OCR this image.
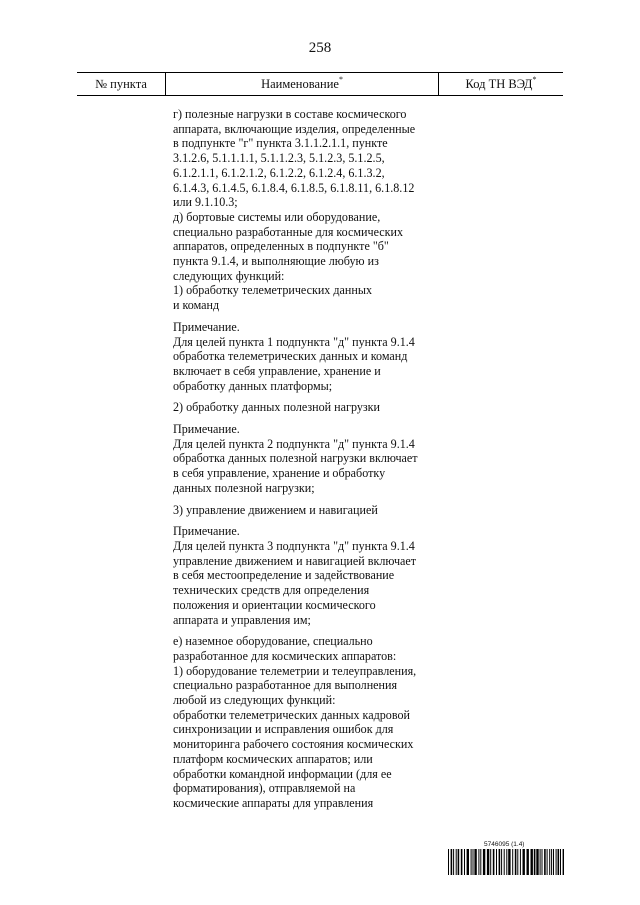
258
№ пункта	Наименование*	Код ТН ВЭД*
г) полезные нагрузки в составе космического
аппарата, включающие изделия, определенные
в подпункте "г" пункта 3.1.1.2.1.1, пункте
3.1.2.6, 5.1.1.1.1, 5.1.1.2.3, 5.1.2.3, 5.1.2.5,
6.1.2.1.1, 6.1.2.1.2, 6.1.2.2, 6.1.2.4, 6.1.3.2,
6.1.4.3, 6.1.4.5, 6.1.8.4, 6.1.8.5, 6.1.8.11, 6.1.8.12
или 9.1.10.3;
д) бортовые системы или оборудование,
специально разработанные для космических
аппаратов, определенных в подпункте "б"
пункта 9.1.4, и выполняющие любую из
следующих функций:
1) обработку телеметрических данных
и команд
Примечание.
Для целей пункта 1 подпункта "д" пункта 9.1.4
обработка телеметрических данных и команд
включает в себя управление, хранение и
обработку данных платформы;
2) обработку данных полезной нагрузки
Примечание.
Для целей пункта 2 подпункта "д" пункта 9.1.4
обработка данных полезной нагрузки включает
в себя управление, хранение и обработку
данных полезной нагрузки;
3) управление движением и навигацией
Примечание.
Для целей пункта 3 подпункта "д" пункта 9.1.4
управление движением и навигацией включает
в себя местоопределение и задействование
технических средств для определения
положения и ориентации космического
аппарата и управления им;
е) наземное оборудование, специально
разработанное для космических аппаратов:
1) оборудование телеметрии и телеуправления,
специально разработанное для выполнения
любой из следующих функций:
обработки телеметрических данных кадровой
синхронизации и исправления ошибок для
мониторинга рабочего состояния космических
платформ космических аппаратов; или
обработки командной информации (для ее
форматирования), отправляемой на
космические аппараты для управления
5746095 (1.4)
